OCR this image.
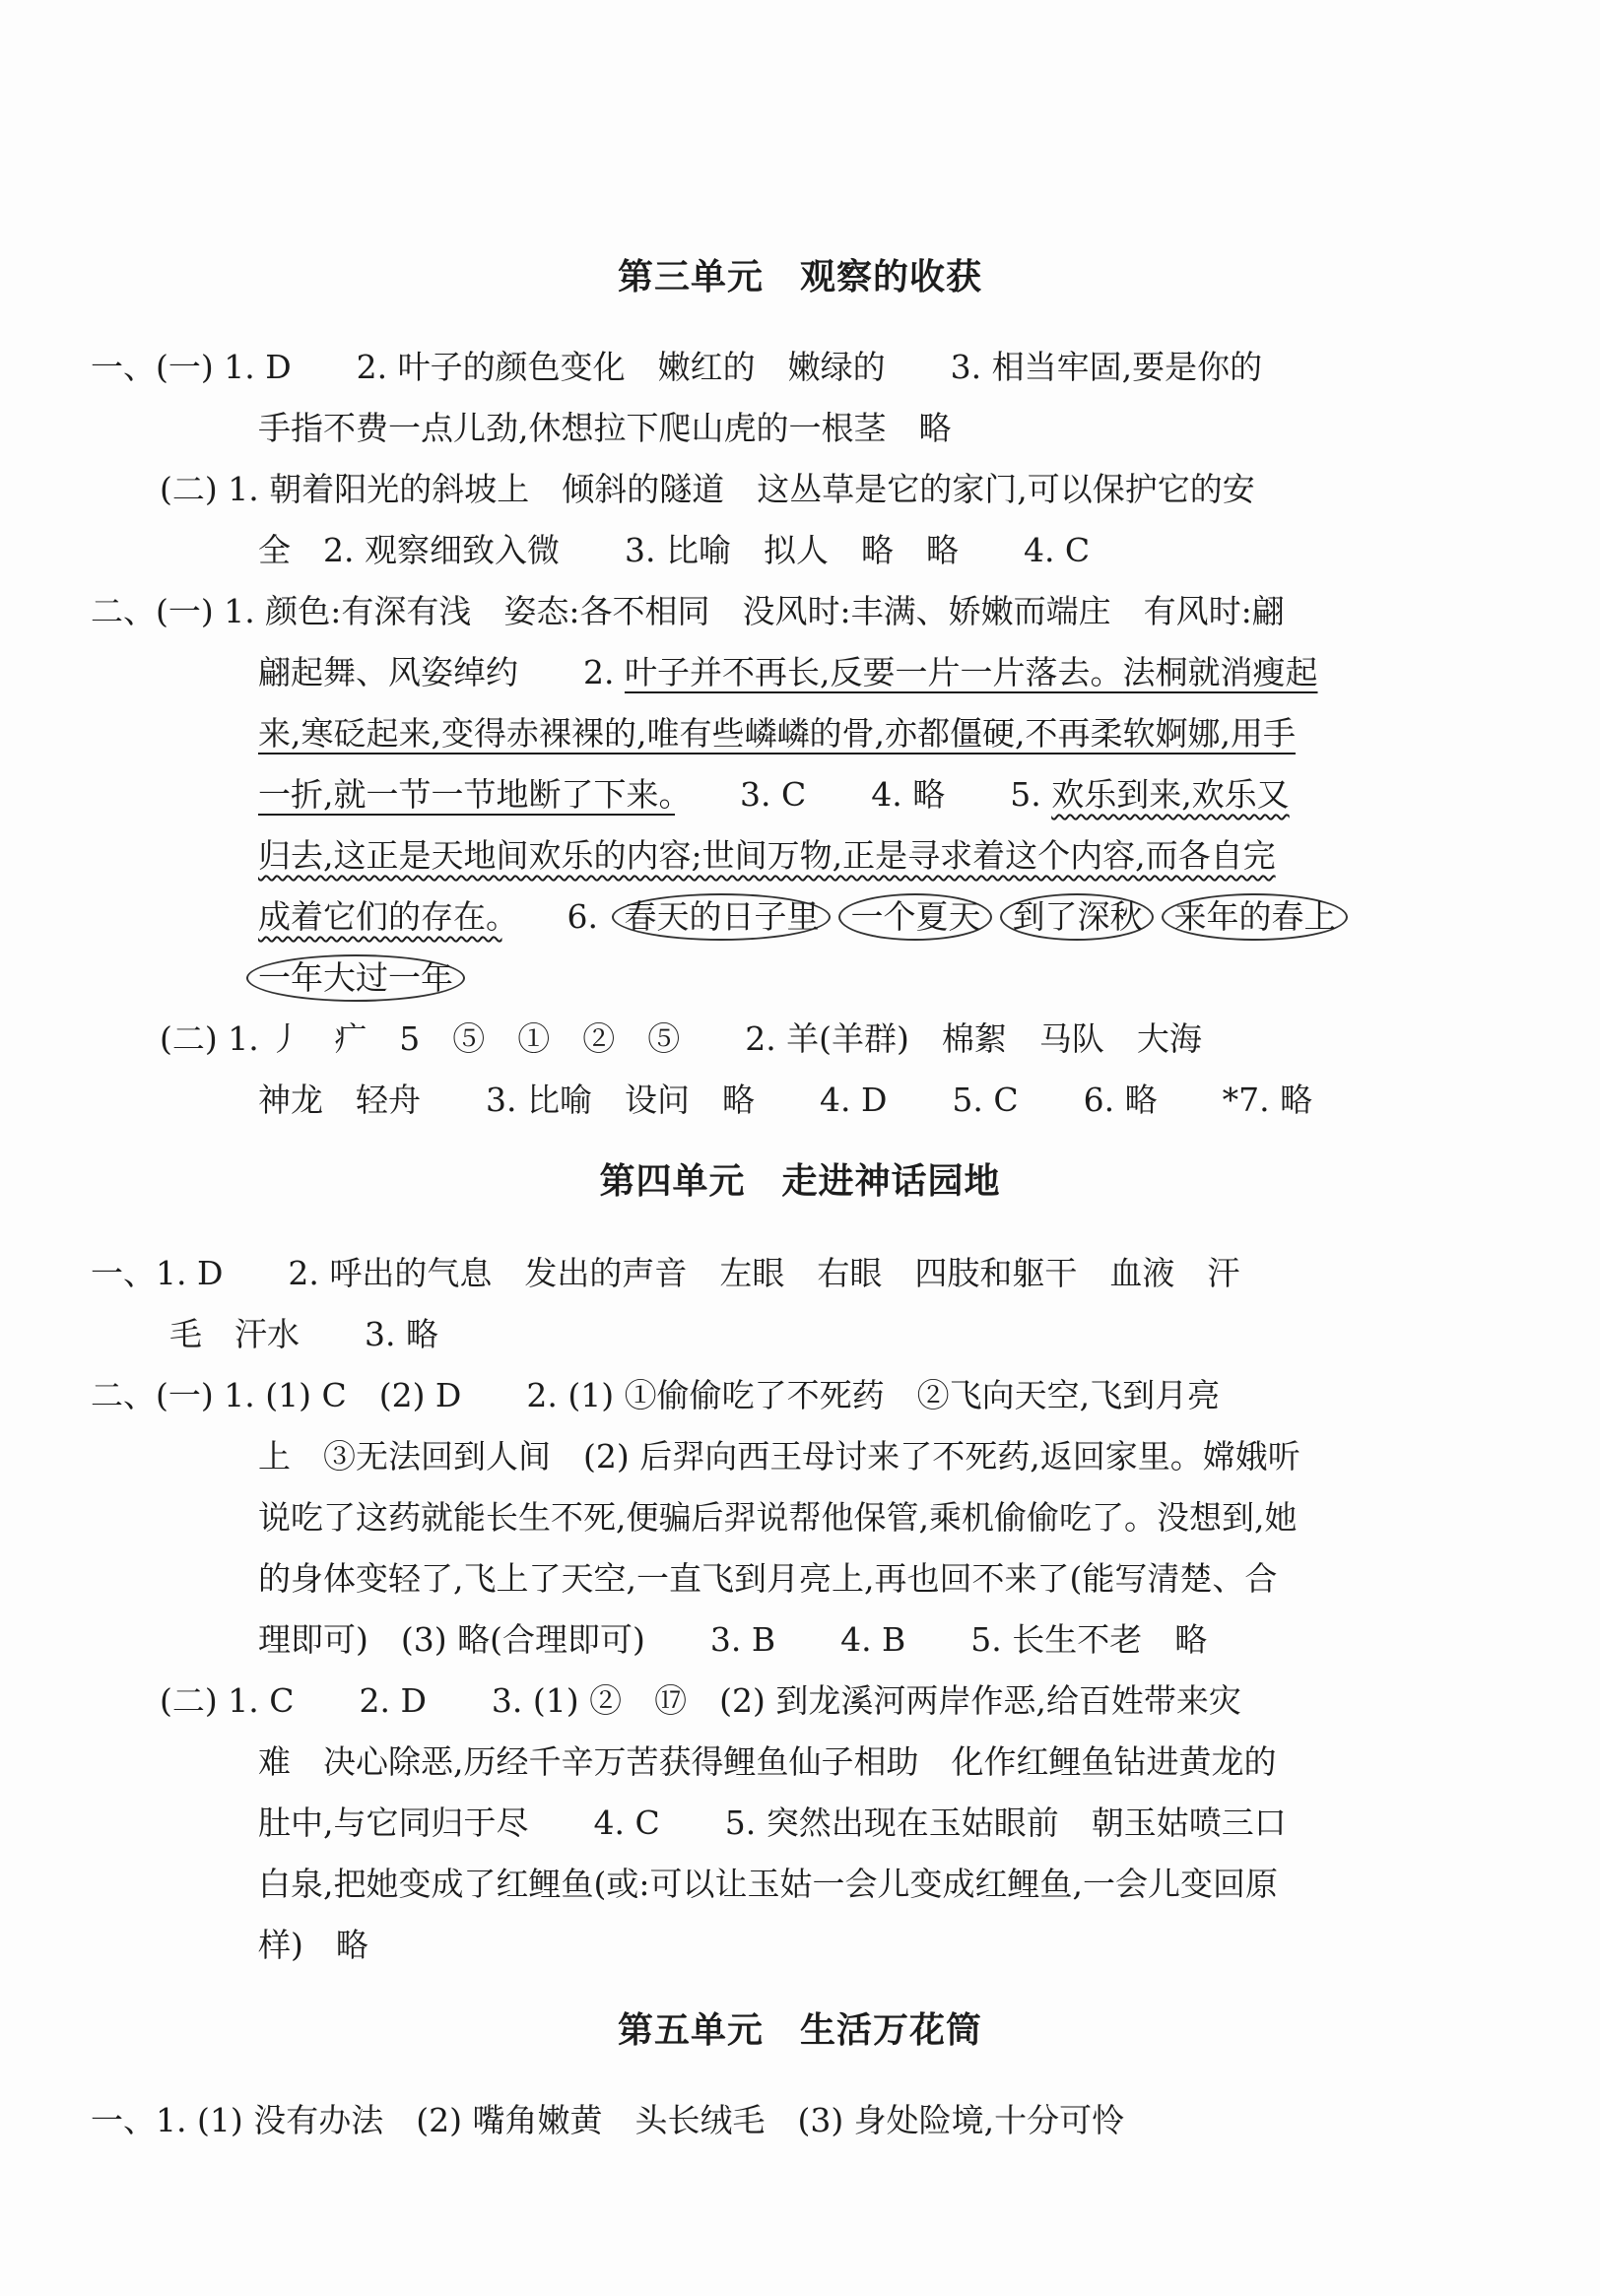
第三单元　观察的收获
一、(一) 1. D　　2. 叶子的颜色变化　嫩红的　嫩绿的　　3. 相当牢固,要是你的
手指不费一点儿劲,休想拉下爬山虎的一根茎　略
(二) 1. 朝着阳光的斜坡上　倾斜的隧道　这丛草是它的家门,可以保护它的安
全　2. 观察细致入微　　3. 比喻　拟人　略　略　　4. C
二、(一) 1. 颜色:有深有浅　姿态:各不相同　没风时:丰满、娇嫩而端庄　有风时:翩
翩起舞、风姿绰约　　2. 叶子并不再长,反要一片一片落去。法桐就消瘦起
来,寒砭起来,变得赤裸裸的,唯有些嶙嶙的骨,亦都僵硬,不再柔软婀娜,用手
一折,就一节一节地断了下来。　　3. C　　4. 略　　5. 欢乐到来,欢乐又
归去,这正是天地间欢乐的内容;世间万物,正是寻求着这个内容,而各自完
成着它们的存在。　　6. 春天的日子里 一个夏天 到了深秋 来年的春上
一年大过一年
(二) 1. 丿　疒　5　⑤　①　②　⑤　　2. 羊(羊群)　棉絮　马队　大海
神龙　轻舟　　3. 比喻　设问　略　　4. D　　5. C　　6. 略　　*7. 略
第四单元　走进神话园地
一、1. D　　2. 呼出的气息　发出的声音　左眼　右眼　四肢和躯干　血液　汗
毛　汗水　　3. 略
二、(一) 1. (1) C　(2) D　　2. (1) ①偷偷吃了不死药　②飞向天空,飞到月亮
上　③无法回到人间　(2) 后羿向西王母讨来了不死药,返回家里。嫦娥听
说吃了这药就能长生不死,便骗后羿说帮他保管,乘机偷偷吃了。没想到,她
的身体变轻了,飞上了天空,一直飞到月亮上,再也回不来了(能写清楚、合
理即可)　(3) 略(合理即可)　　3. B　　4. B　　5. 长生不老　略
(二) 1. C　　2. D　　3. (1) ②　⑰　(2) 到龙溪河两岸作恶,给百姓带来灾
难　决心除恶,历经千辛万苦获得鲤鱼仙子相助　化作红鲤鱼钻进黄龙的
肚中,与它同归于尽　　4. C　　5. 突然出现在玉姑眼前　朝玉姑喷三口
白泉,把她变成了红鲤鱼(或:可以让玉姑一会儿变成红鲤鱼,一会儿变回原
样)　略
第五单元　生活万花筒
一、1. (1) 没有办法　(2) 嘴角嫩黄　头长绒毛　(3) 身处险境,十分可怜
